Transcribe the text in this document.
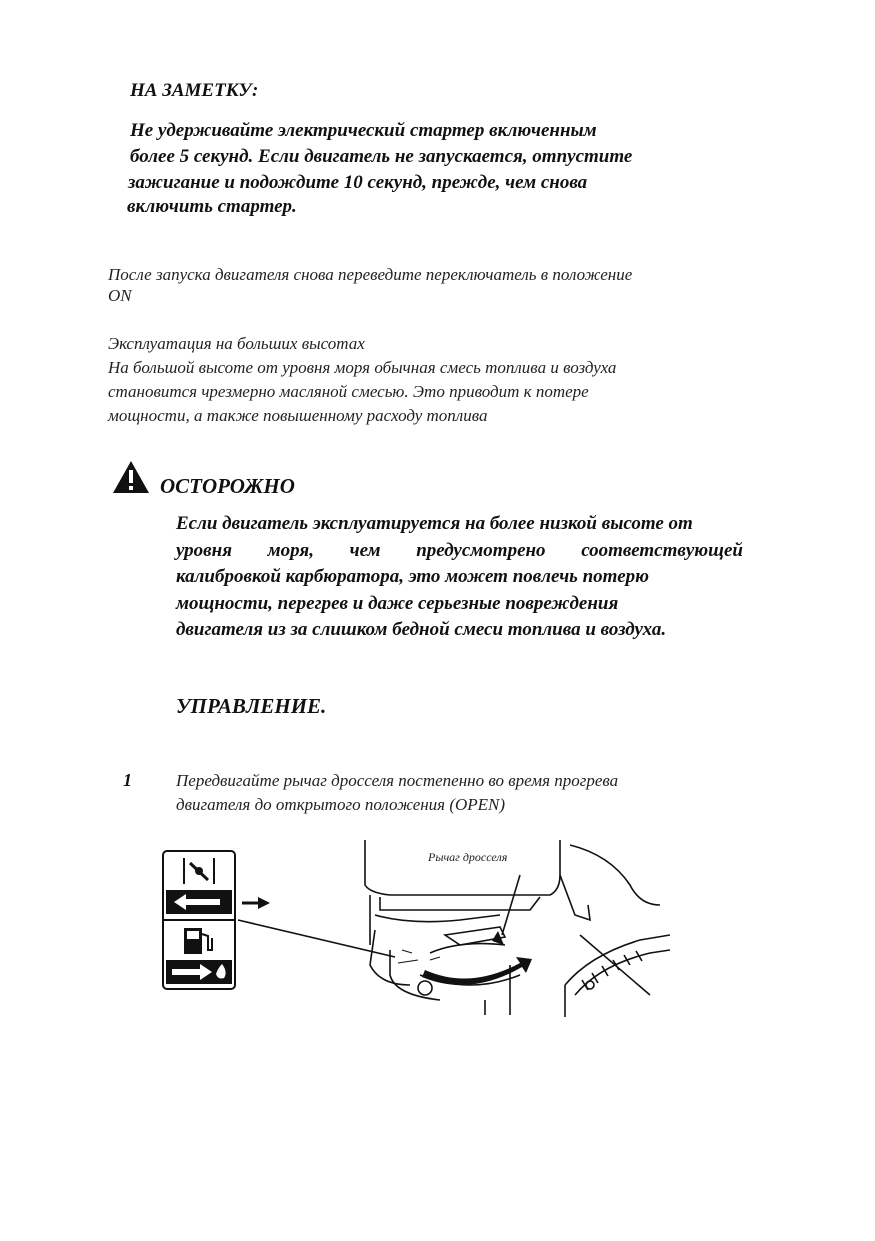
НА ЗАМЕТКУ:
Не удерживайте электрический стартер включенным
более 5 секунд. Если двигатель не запускается, отпустите
зажигание и подождите 10 секунд, прежде, чем снова
включить стартер.
После запуска двигателя снова переведите переключатель в положение
ON
Эксплуатация на больших высотах
На большой высоте от уровня моря обычная смесь топлива и воздуха
становится чрезмерно масляной смесью. Это приводит к потере
мощности, а также повышенному расходу топлива
ОСТОРОЖНО
Если двигатель эксплуатируется на более низкой высоте от
уровня моря, чем предусмотрено соответствующей
калибровкой карбюратора, это может повлечь потерю
мощности, перегрев и даже серьезные повреждения
двигателя из за слишком бедной смеси топлива и воздуха.
УПРАВЛЕНИЕ.
1	Передвигайте рычаг дросселя постепенно во время прогрева
двигателя до открытого положения (OPEN)
Рычаг дросселя
